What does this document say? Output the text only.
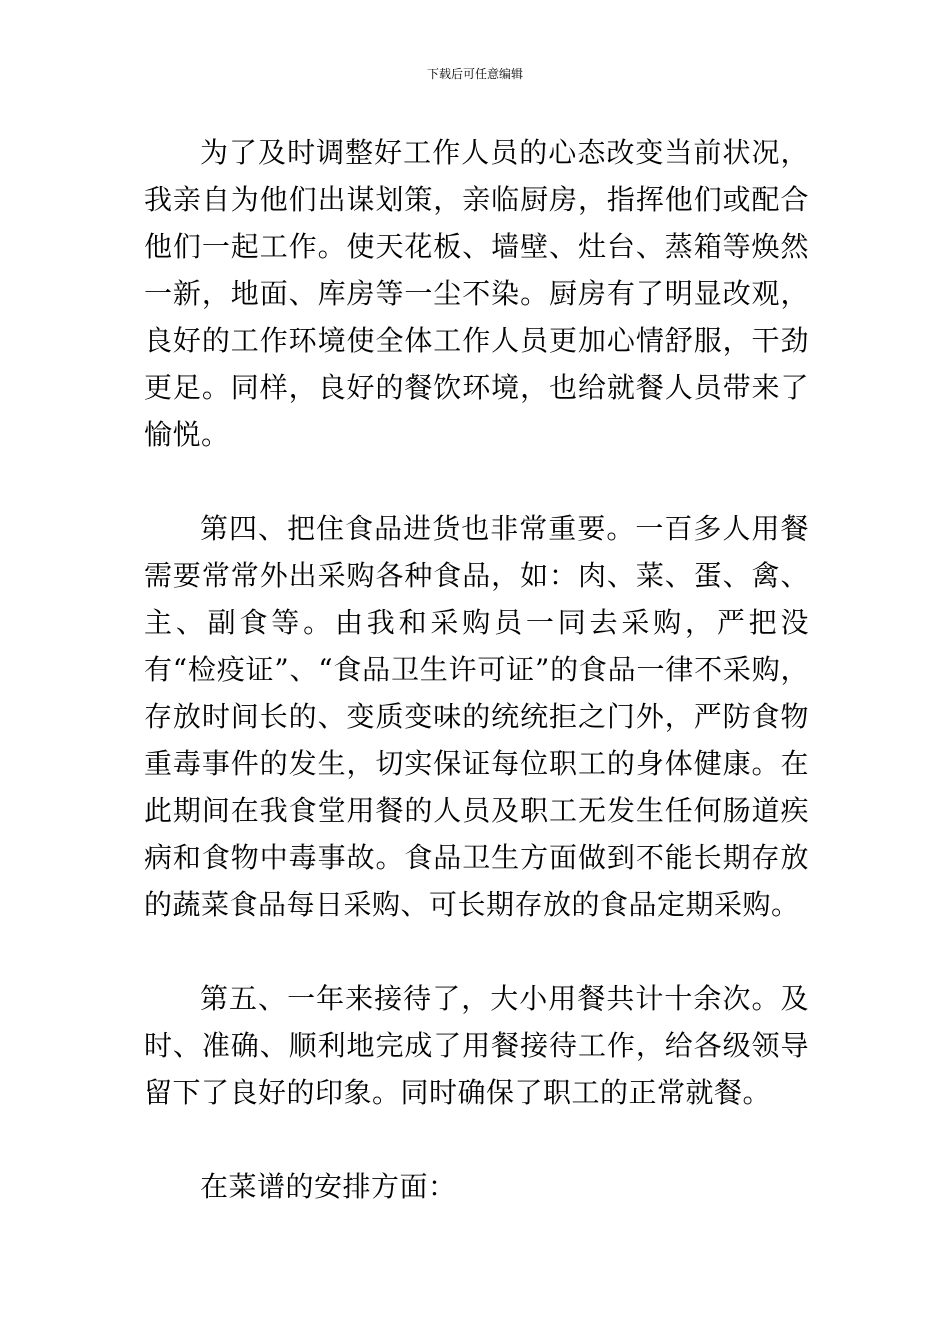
下载后可任意编辑

为了及时调整好工作人员的心态改变当前状况，我亲自为他们出谋划策，亲临厨房，指挥他们或配合他们一起工作。使天花板、墙壁、灶台、蒸箱等焕然一新，地面、库房等一尘不染。厨房有了明显改观，良好的工作环境使全体工作人员更加心情舒服，干劲更足。同样，良好的餐饮环境，也给就餐人员带来了愉悦。

第四、把住食品进货也非常重要。一百多人用餐需要常常外出采购各种食品，如：肉、菜、蛋、禽、主、副食等。由我和采购员一同去采购，严把没有“检疫证”、“食品卫生许可证”的食品一律不采购，存放时间长的、变质变味的统统拒之门外，严防食物重毒事件的发生，切实保证每位职工的身体健康。在此期间在我食堂用餐的人员及职工无发生任何肠道疾病和食物中毒事故。食品卫生方面做到不能长期存放的蔬菜食品每日采购、可长期存放的食品定期采购。

第五、一年来接待了，大小用餐共计十余次。及时、准确、顺利地完成了用餐接待工作，给各级领导留下了良好的印象。同时确保了职工的正常就餐。

在菜谱的安排方面：
